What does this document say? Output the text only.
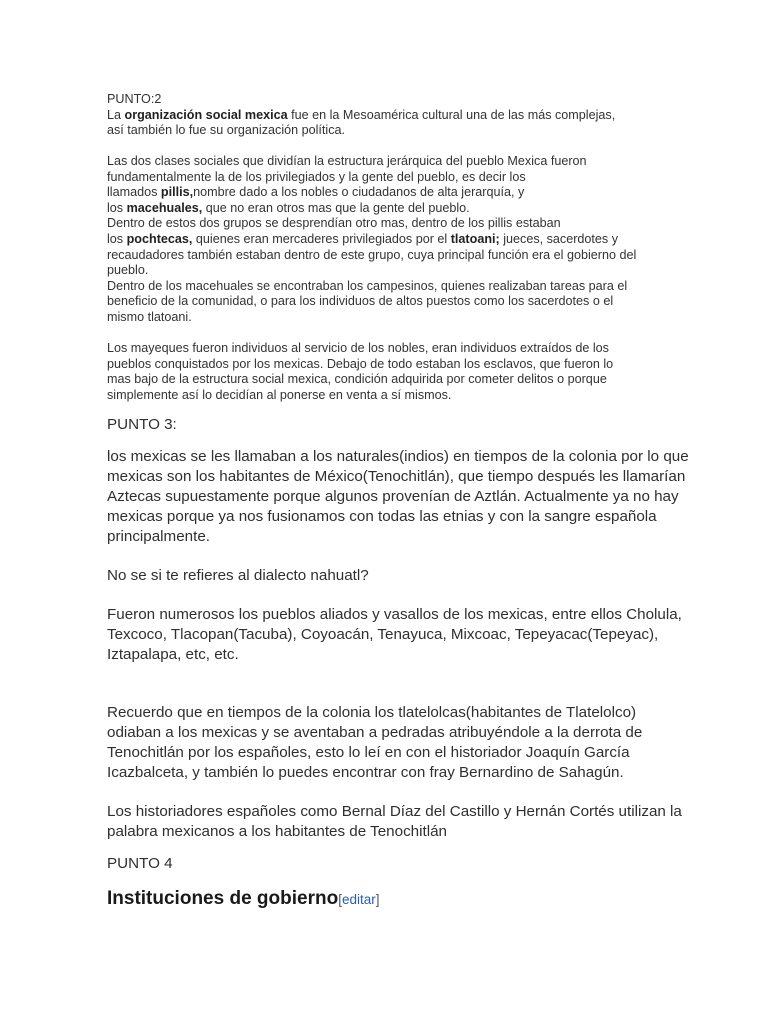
PUNTO:2

La organización social mexica fue en la Mesoamérica cultural una de las más complejas,
así también lo fue su organización política.

Las dos clases sociales que dividían la estructura jerárquica del pueblo Mexica fueron
fundamentalmente la de los privilegiados y la gente del pueblo, es decir los
llamados pillis,nombre dado a los nobles o ciudadanos de alta jerarquía, y
los macehuales, que no eran otros mas que la gente del pueblo.
Dentro de estos dos grupos se desprendían otro mas, dentro de los pillis estaban
los pochtecas, quienes eran mercaderes privilegiados por el tlatoani; jueces, sacerdotes y
recaudadores también estaban dentro de este grupo, cuya principal función era el gobierno del
pueblo.
Dentro de los macehuales se encontraban los campesinos, quienes realizaban tareas para el
beneficio de la comunidad, o para los individuos de altos puestos como los sacerdotes o el
mismo tlatoani.

Los mayeques fueron individuos al servicio de los nobles, eran individuos extraídos de los
pueblos conquistados por los mexicas. Debajo de todo estaban los esclavos, que fueron lo
mas bajo de la estructura social mexica, condición adquirida por cometer delitos o porque
simplemente así lo decidían al ponerse en venta a sí mismos.

PUNTO 3:

los mexicas se les llamaban a los naturales(indios) en tiempos de la colonia por lo que
mexicas son los habitantes de México(Tenochitlán), que tiempo después les llamarían
Aztecas supuestamente porque algunos provenían de Aztlán. Actualmente ya no hay
mexicas porque ya nos fusionamos con todas las etnias y con la sangre española
principalmente.

No se si te refieres al dialecto nahuatl?

Fueron numerosos los pueblos aliados y vasallos de los mexicas, entre ellos Cholula,
Texcoco, Tlacopan(Tacuba), Coyoacán, Tenayuca, Mixcoac, Tepeyacac(Tepeyac),
Iztapalapa, etc, etc.

Recuerdo que en tiempos de la colonia los tlatelolcas(habitantes de Tlatelolco)
odiaban a los mexicas y se aventaban a pedradas atribuyéndole a la derrota de
Tenochitlán por los españoles, esto lo leí en con el historiador Joaquín García
Icazbalceta, y también lo puedes encontrar con fray Bernardino de Sahagún.

Los historiadores españoles como Bernal Díaz del Castillo y Hernán Cortés utilizan la
palabra mexicanos a los habitantes de Tenochitlán

PUNTO 4
Instituciones de gobierno[editar]
